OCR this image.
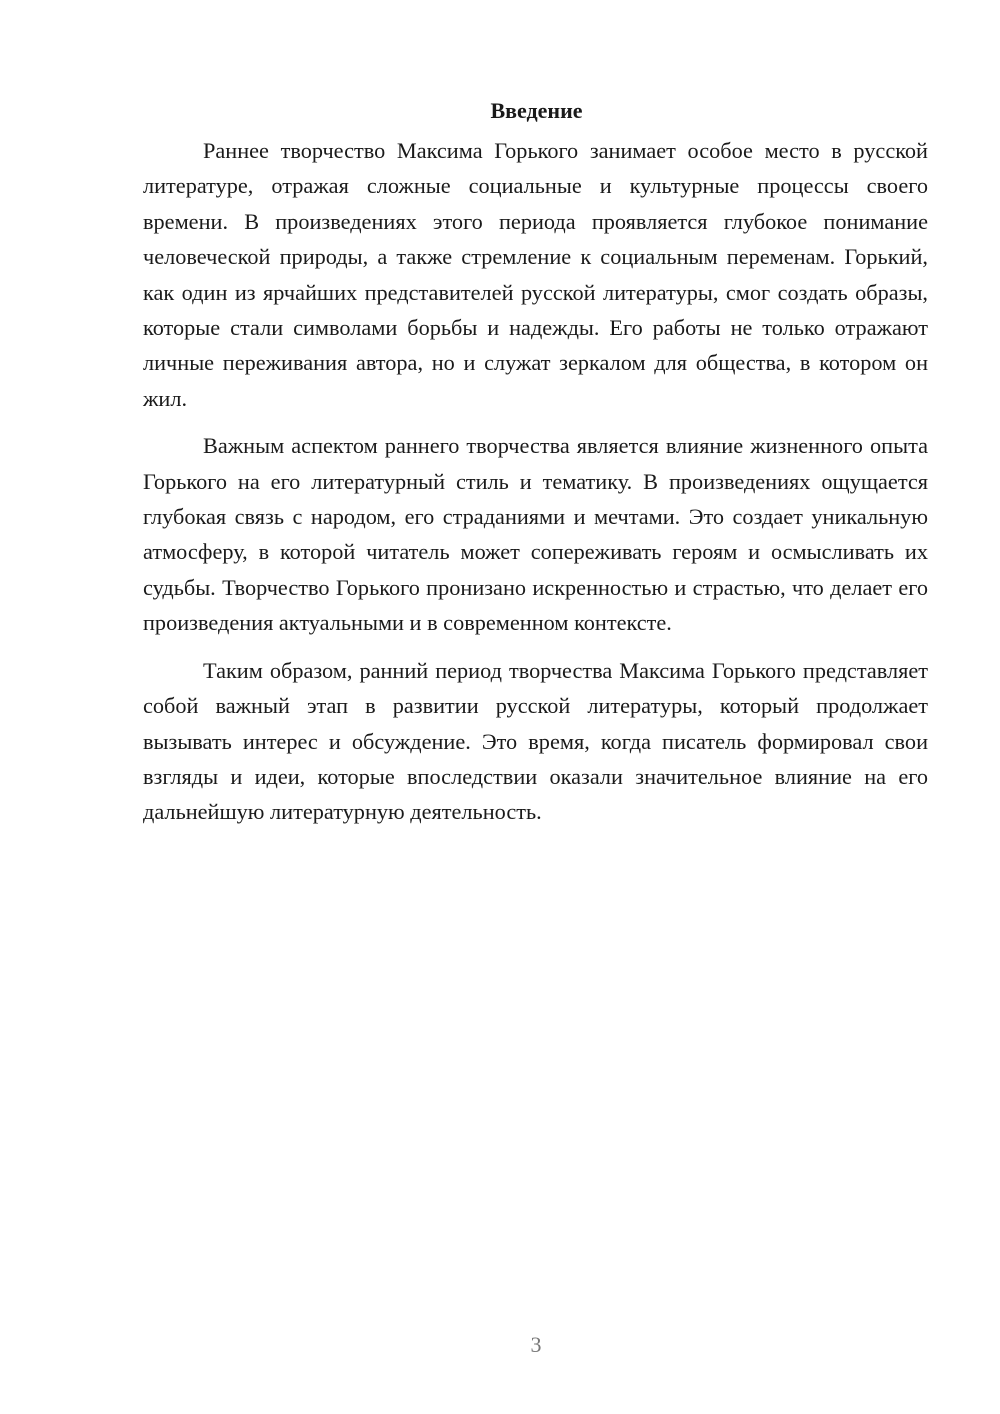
Введение

Раннее творчество Максима Горького занимает особое место в русской литературе, отражая сложные социальные и культурные процессы своего времени. В произведениях этого периода проявляется глубокое понимание человеческой природы, а также стремление к социальным переменам. Горький, как один из ярчайших представителей русской литературы, смог создать образы, которые стали символами борьбы и надежды. Его работы не только отражают личные переживания автора, но и служат зеркалом для общества, в котором он жил.

Важным аспектом раннего творчества является влияние жизненного опыта Горького на его литературный стиль и тематику. В произведениях ощущается глубокая связь с народом, его страданиями и мечтами. Это создает уникальную атмосферу, в которой читатель может сопереживать героям и осмысливать их судьбы. Творчество Горького пронизано искренностью и страстью, что делает его произведения актуальными и в современном контексте.

Таким образом, ранний период творчества Максима Горького представляет собой важный этап в развитии русской литературы, который продолжает вызывать интерес и обсуждение. Это время, когда писатель формировал свои взгляды и идеи, которые впоследствии оказали значительное влияние на его дальнейшую литературную деятельность.

3
